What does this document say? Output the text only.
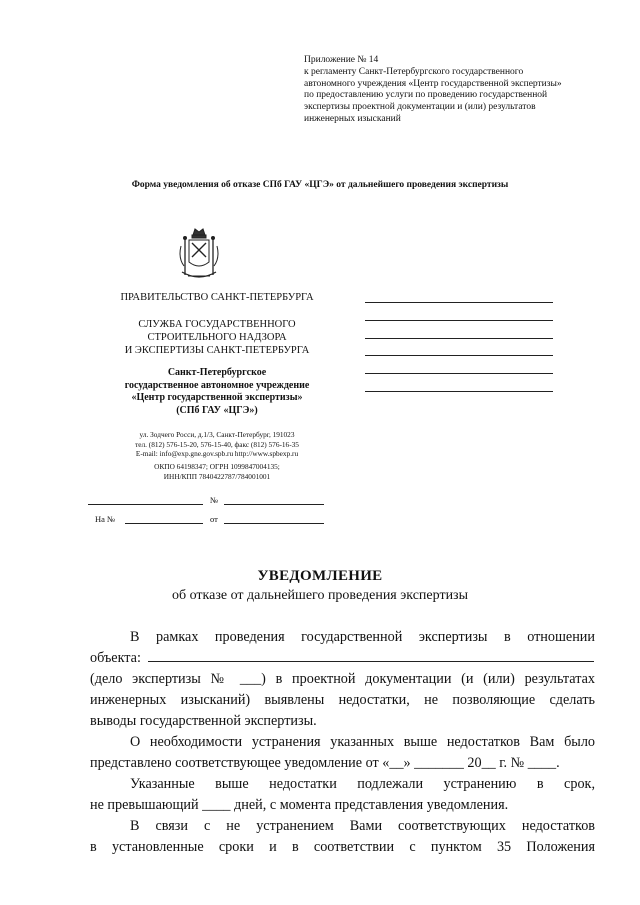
Приложение № 14
к регламенту Санкт-Петербургского государственного
автономного учреждения «Центр государственной экспертизы»
по предоставлению услуги по проведению государственной
экспертизы проектной документации и (или) результатов
инженерных изысканий
Форма уведомления об отказе СПб ГАУ «ЦГЭ» от дальнейшего проведения экспертизы
ПРАВИТЕЛЬСТВО САНКТ-ПЕТЕРБУРГА
СЛУЖБА ГОСУДАРСТВЕННОГО
СТРОИТЕЛЬНОГО НАДЗОРА
И ЭКСПЕРТИЗЫ САНКТ-ПЕТЕРБУРГА
Санкт-Петербургское
государственное автономное учреждение
«Центр государственной экспертизы»
(СПб ГАУ «ЦГЭ»)
ул. Зодчего Росси, д.1/3, Санкт-Петербург, 191023
тел. (812) 576-15-20, 576-15-40, факс (812) 576-16-35
E-mail: info@exp.gne.gov.spb.ru http://www.spbexp.ru
ОКПО 64198347; ОГРН 1099847004135;
ИНН/КПП 7840422787/784001001
№
На №	от
УВЕДОМЛЕНИЕ
об отказе от дальнейшего проведения экспертизы
В рамках проведения государственной экспертизы в отношении
объекта:
(дело экспертизы № ___) в проектной документации (и (или) результатах
инженерных изысканий) выявлены недостатки, не позволяющие сделать
выводы государственной экспертизы.
О необходимости устранения указанных выше недостатков Вам было
представлено соответствующее уведомление от «__» _______ 20__ г. № ____.
Указанные выше недостатки подлежали устранению в срок,
не превышающий ____ дней, с момента представления уведомления.
В связи с не устранением Вами соответствующих недостатков
в установленные сроки и в соответствии с пунктом 35 Положения
